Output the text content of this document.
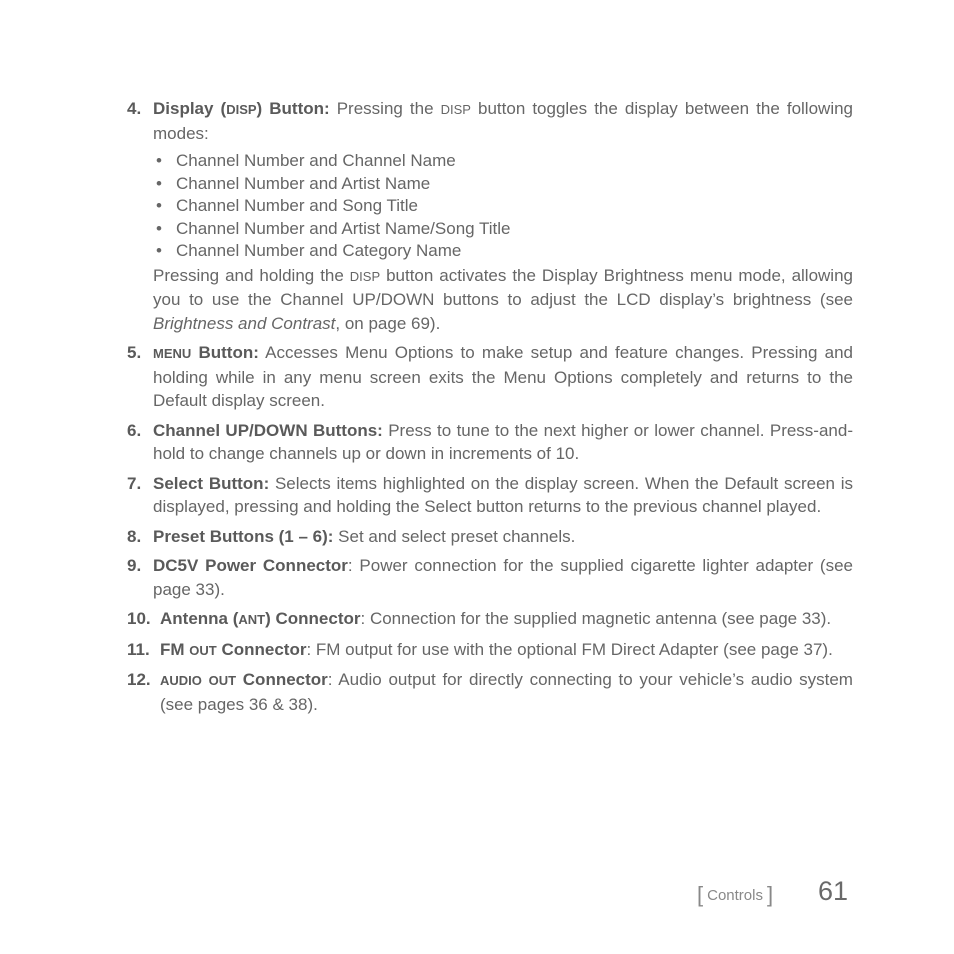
4. Display (DISP) Button: Pressing the DISP button toggles the display between the following modes:

• Channel Number and Channel Name
• Channel Number and Artist Name
• Channel Number and Song Title
• Channel Number and Artist Name/Song Title
• Channel Number and Category Name

Pressing and holding the DISP button activates the Display Brightness menu mode, allowing you to use the Channel UP/DOWN buttons to adjust the LCD display’s brightness (see Brightness and Contrast, on page 69).

5. MENU Button: Accesses Menu Options to make setup and feature changes. Pressing and holding while in any menu screen exits the Menu Options completely and returns to the Default display screen.
6. Channel UP/DOWN Buttons: Press to tune to the next higher or lower channel. Press-and-hold to change channels up or down in increments of 10.
7. Select Button: Selects items highlighted on the display screen. When the Default screen is displayed, pressing and holding the Select button returns to the previous channel played.
8. Preset Buttons (1 – 6): Set and select preset channels.
9. DC5V Power Connector: Power connection for the supplied cigarette lighter adapter (see page 33).
10. Antenna (ANT) Connector: Connection for the supplied magnetic antenna (see page 33).
11. FM OUT Connector: FM output for use with the optional FM Direct Adapter (see page 37).
12. AUDIO OUT Connector: Audio output for directly connecting to your vehicle’s audio system (see pages 36 & 38).
[ Controls ] 61
